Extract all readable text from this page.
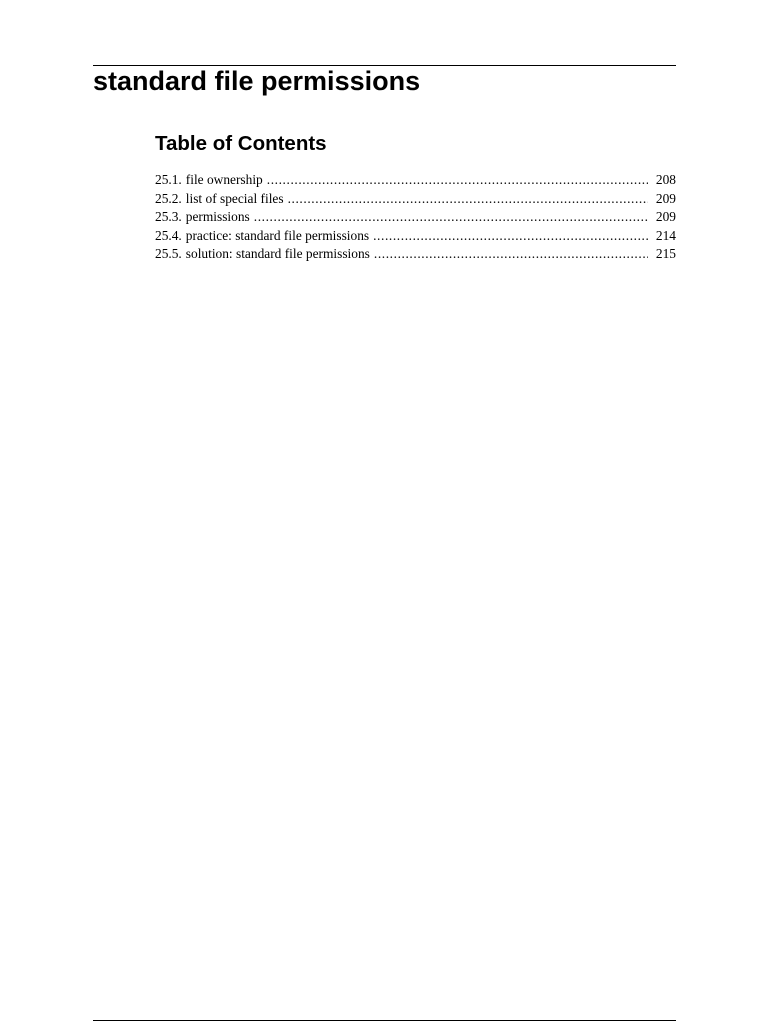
standard file permissions
Table of Contents
25.1. file ownership .....	208
25.2. list of special files .....	209
25.3. permissions .....	209
25.4. practice: standard file permissions .....	214
25.5. solution: standard file permissions .....	215
